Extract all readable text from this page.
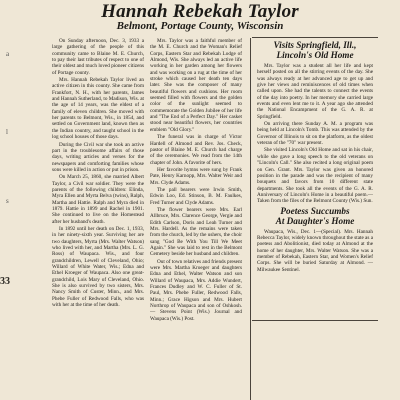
a
l
s
33
Hannah Rebekah Taylor
Belmont, Portage County, Wisconsin

On Sunday afternoon, Dec. 3, 1933 a large gathering of the people of this community came to Blaine M. E. Church, to pay their last tributes of respect to one of their oldest and much loved pioneer citizens of Portage county.

Mrs. Hannah Rebekah Taylor lived an active citizen in this county. She came from Frankfort, N. H., with her parents, James and Hannah Sutherland, to Madison, Wis. at the age of 14 years, was the eldest of a family of eleven children. She moved with her parents to Belmont, Wis., in 1854, and settled on Government land, known then as the Indian country, and taught school in the log school houses of those days.

During the Civil war she took an active part in the troublesome affairs of those days, writing articles and verses for the newspapers and comforting families whose sons were killed in action or put in prison.

On March 25, 1860, she married Albert Taylor, a Civil war soldier. They were the parents of the following children: Elinda, Myra Ellen and Myrta Belva (twins), Ralph, Martha and Hattie. Ralph and Myra died in 1879. Hattie in 1899 and Rachel in 1901. She continued to live on the Homestead after her husband's death.

In 1892 until her death on Dec. 1, 1933, in her ninety-sixth year. Surviving her are two daughters, Myrta (Mrs. Walter Watson) who lived with her, and Martha (Mrs. L. G. Ross) of Waupaca. Wis., and four grandchildren, Lewell of Cleveland, Ohio; Willard of White Water, Wis.; Edna and Ethel Kroeger of Waupaca. Also one great-grandchild, Lois Mary of Cleveland, Ohio. She is also survived by two sisters, Mrs. Nancy Smith of Custer, Minn., and Mrs. Phebe Fuller of Redwood Falls, who was with her at the time of her death.

Mrs. Taylor was a faithful member of the M. E. Church and the Woman's Relief Corps, Eastern Star and Rebekah Lodge of Almond, Wis. She always led an active life working in her garden among her flowers and was working on a rug at the time of her stroke which caused her death ten days later. She was the composer of many beautiful flowers and cushions. Her room seemed filled with flowers and the golden color of the sunlight seemed to commemorate the Golden Jubilee of her life and "The End of a Perfect Day." Her casket stood near beautiful flowers, her countries emblem "Old Glory."

The funeral was in charge of Victor Hardell of Almond and Rev. Jos. Check, pastor of Blaine M. E. Church had charge of the ceremonies. We read from the 14th chapter of John. A favorite of hers.

Her favorite hymns were sung by Frank Pate, Henry Karnopp, Mrs. Walter Weir and Mrs. Clyde Adams.

The pall bearers were Irwin Smith, Edwin Loo, Ed. Stinson, B. M. Faulkes, Fred Turner and Clyde Adams.

The flower bearers were Mrs. Earl Allbruce, Mrs. Clarence George, Vergie and Edith Carlson, Doris and Leah Turner and Mrs. Hardell. As the remains were taken from the church, led by the ushers, the choir sang "God Be With You Till We Meet Again." She was laid to rest in the Belmont Cemetery beside her husband and children.

Out of town relatives and friends present were Mrs. Martha Kroeger and daughters Edna and Ethel, Walter Watson and son Willard of Waupaca, Mrs. Addie Wundert, Frances Dudley and W. C. Fuller of St. Paul, Mrs. Phebe Fuller, Redwood Falls, Minn.; Grace Higson and Mrs. Hubert Northrop of Waupaca and son of Oshkosh. — Stevens Point (Wis.) Journal and Waupaca (Wis.) Post.

Visits Springfield, Ill.,
Lincoln's Old Home

Mrs. Taylor was a student all her life and kept herself posted on all the stirring events of the day. She was always ready at her advanced age to get up and give her views and reminiscences of old times when called upon. She had the talents to connect the events of the day into poetry. In her memory she carried large events and even lent me to it. A year ago she attended the National Encampment of the G. A. R. at Springfield.

On arriving there Sunday A. M. a program was being held at Lincoln's Tomb. This was attended by the Governor of Illinois to sit on the platform, as the oldest veteran of the "70" war present.

She visited Lincoln's Old Home and sat in his chair, while she gave a long speech to the old veterans on "Lincoln's Call." She also recited a long original poem on Gen. Grant. Mrs. Taylor was given an honored position in the parade and was the recipient of many bouquets and favors from 10 different state departments. She took all the events of the G. A. R. Anniversary of Lincoln's Home in a beautiful poem.—Taken from the files of the Belmont County (Wis.) Sun.

Poetess Succumbs
At Daughter's Home

Waupaca, Wis., Dec. 1—(Special). Mrs. Hannah Rebecca Taylor, widely known throughout the state as a poetess and Abolitionist, died today at Almond at the home of her daughter, Mrs. Walter Watson. She was a member of Rebekah, Eastern Star, and Women's Relief Corps. She will be buried Saturday at Almond. — Milwaukee Sentinel.
